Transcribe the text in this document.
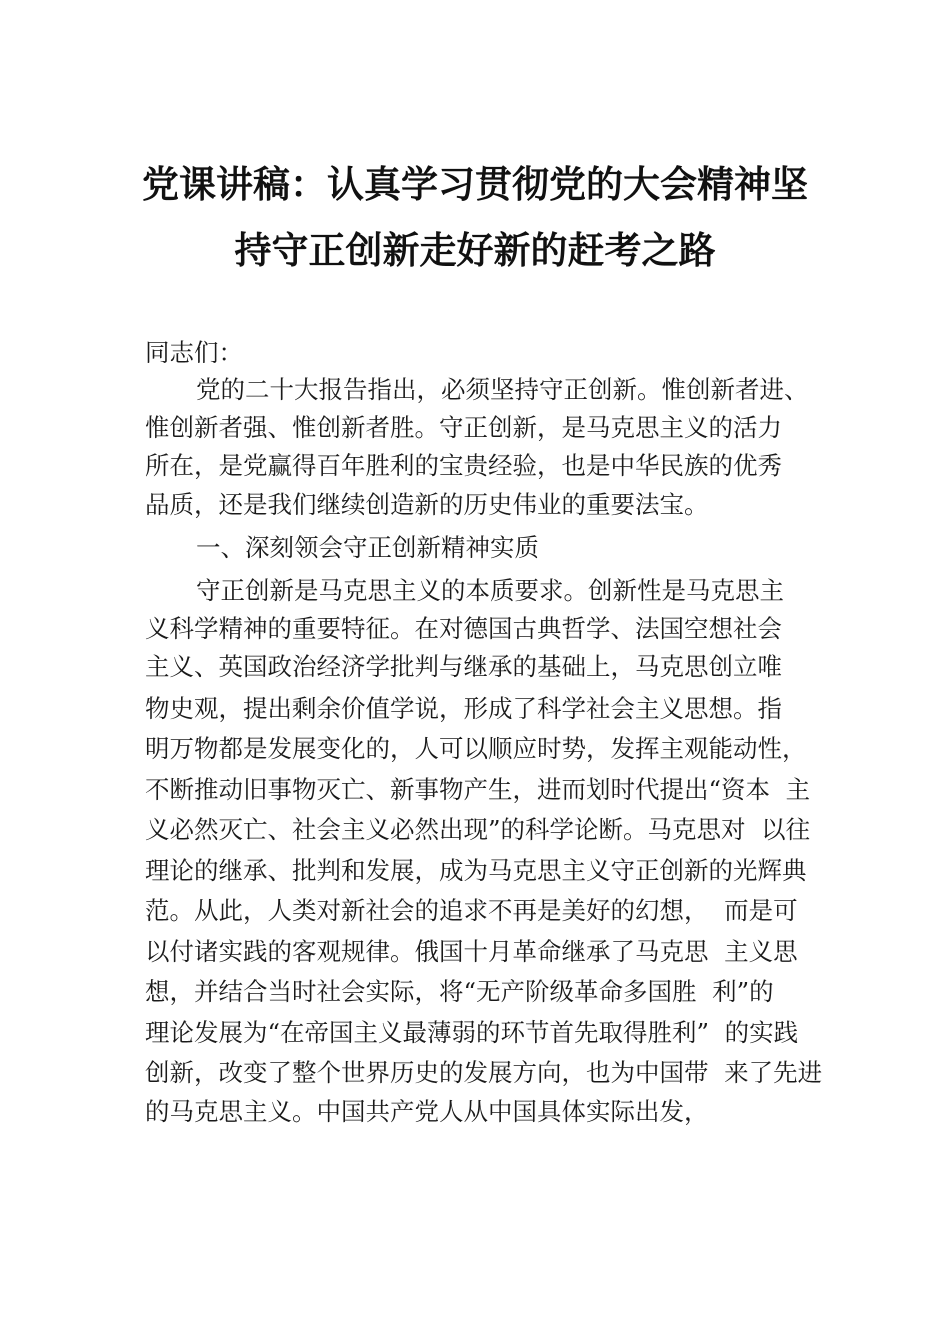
党课讲稿：认真学习贯彻党的大会精神坚
持守正创新走好新的赶考之路
同志们：
党的二十大报告指出，必须坚持守正创新。惟创新者进、
惟创新者强、惟创新者胜。守正创新，是马克思主义的活力
所在，是党赢得百年胜利的宝贵经验，也是中华民族的优秀
品质，还是我们继续创造新的历史伟业的重要法宝。
一、深刻领会守正创新精神实质
守正创新是马克思主义的本质要求。创新性是马克思主
义科学精神的重要特征。在对德国古典哲学、法国空想社会
主义、英国政治经济学批判与继承的基础上，马克思创立唯
物史观，提出剩余价值学说，形成了科学社会主义思想。指
明万物都是发展变化的，人可以顺应时势，发挥主观能动性，
不断推动旧事物灭亡、新事物产生，进而划时代提出“资本  主
义必然灭亡、社会主义必然出现”的科学论断。马克思对  以往
理论的继承、批判和发展，成为马克思主义守正创新的光辉典
范。从此，人类对新社会的追求不再是美好的幻想，  而是可
以付诸实践的客观规律。俄国十月革命继承了马克思  主义思
想，并结合当时社会实际，将“无产阶级革命多国胜  利”的
理论发展为“在帝国主义最薄弱的环节首先取得胜利”  的实践
创新，改变了整个世界历史的发展方向，也为中国带  来了先进
的马克思主义。中国共产党人从中国具体实际出发，
